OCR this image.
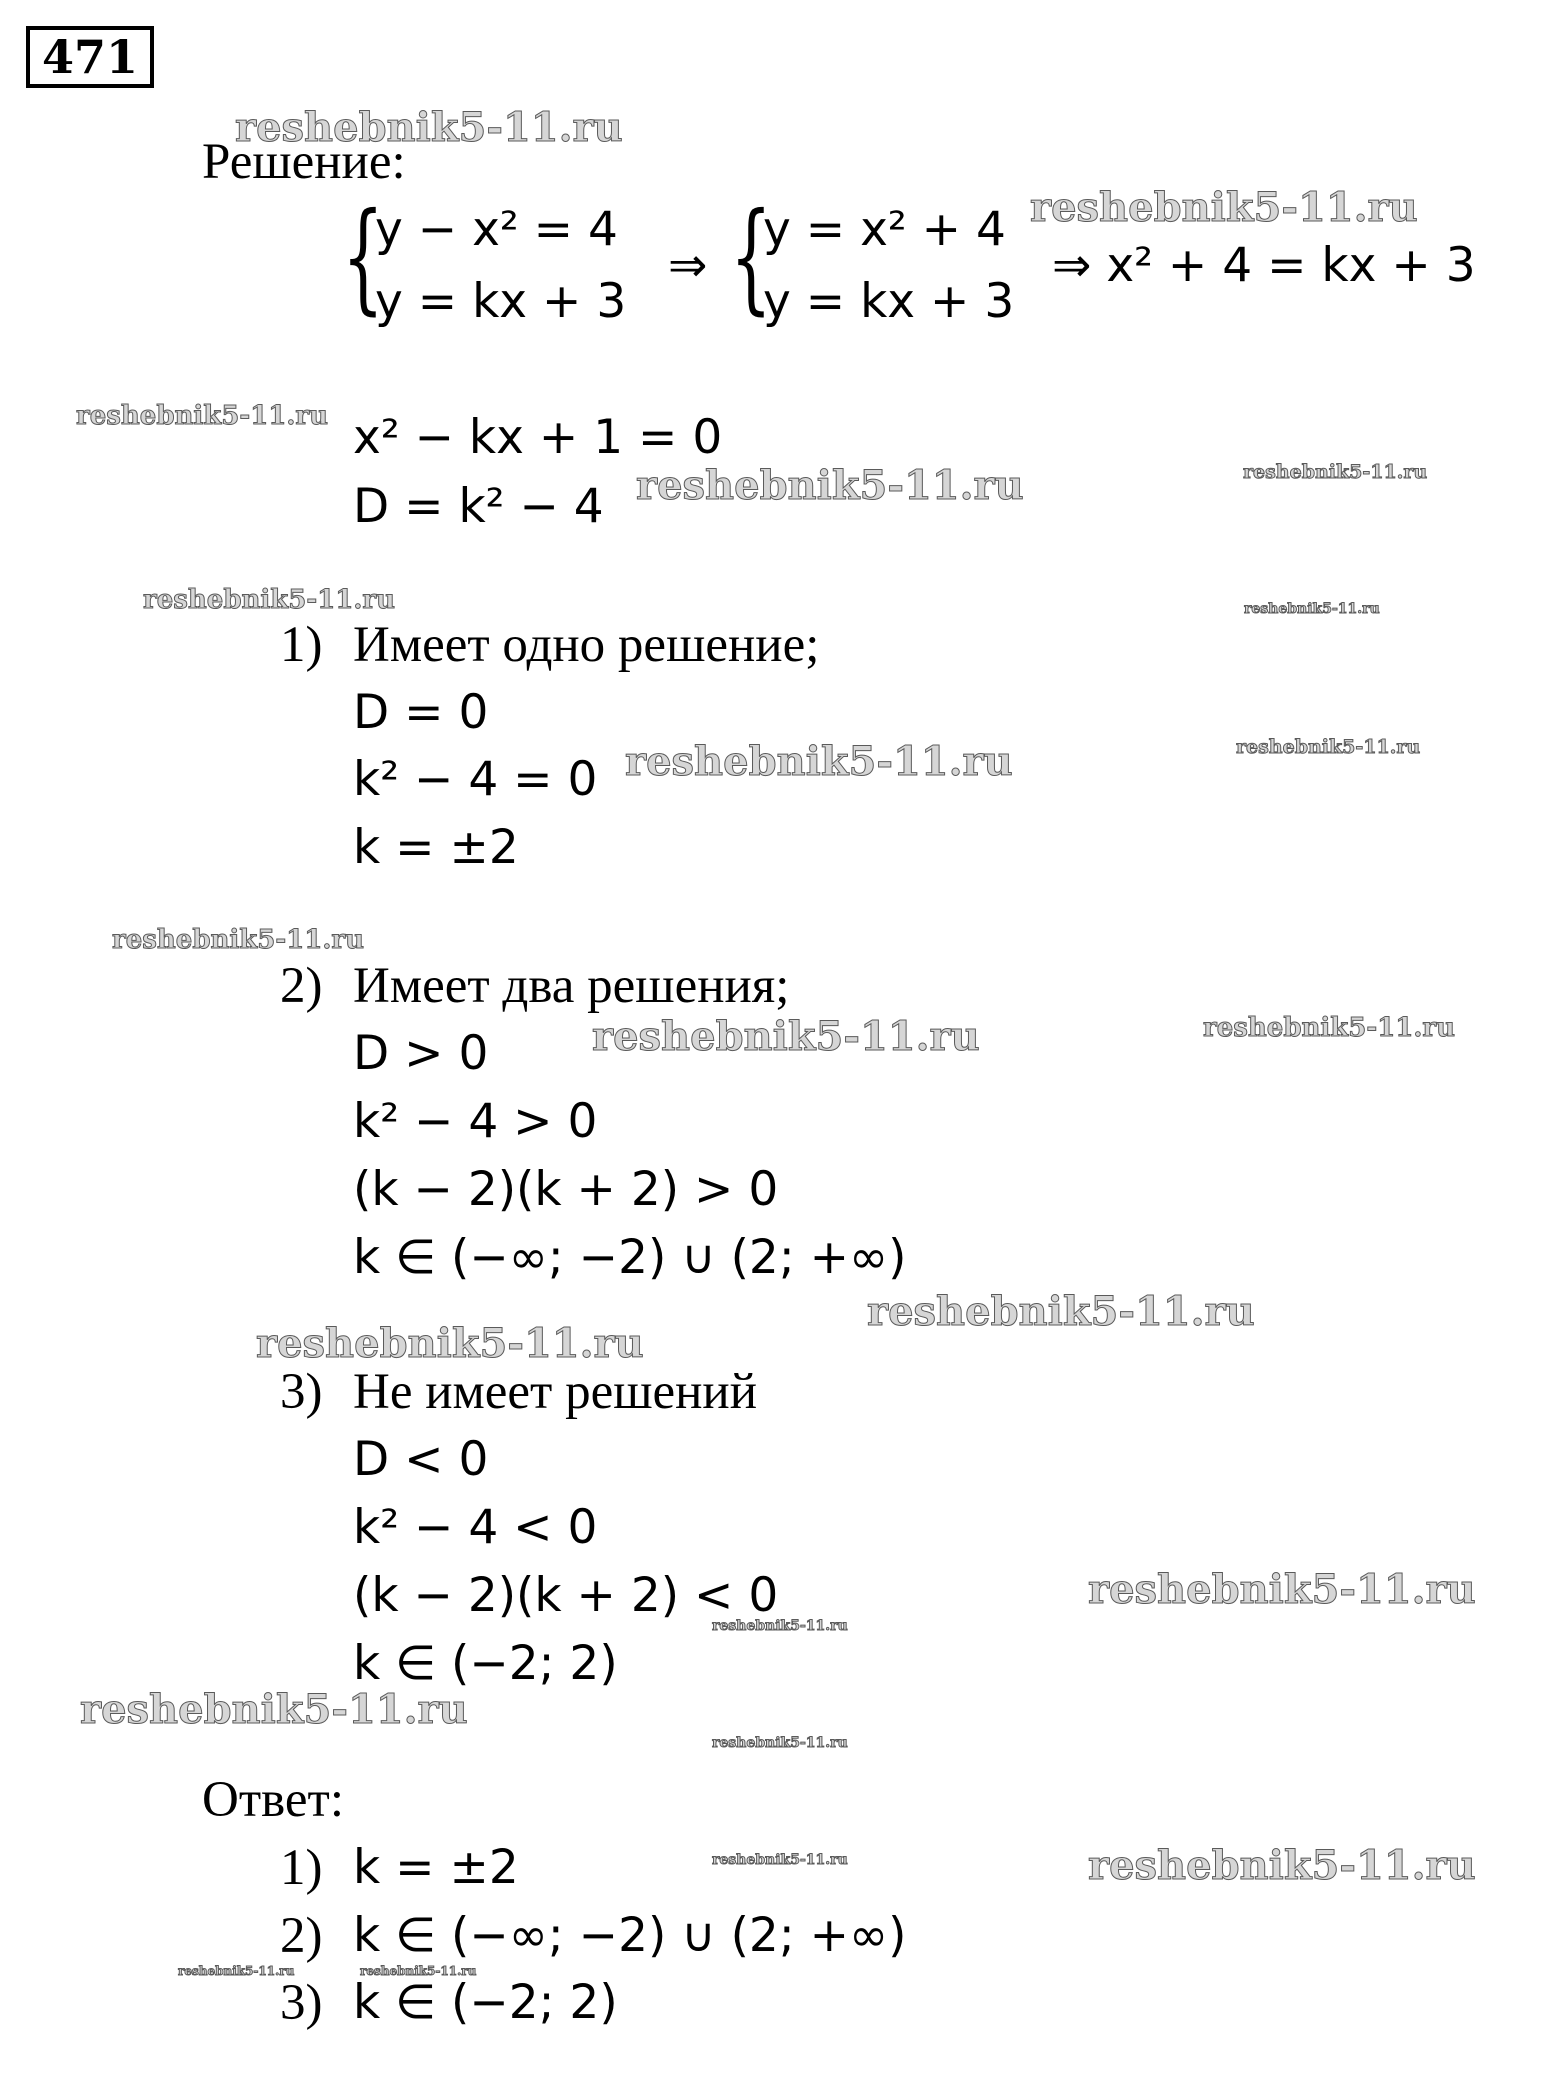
471
Решение:
{
y − x² = 4
y = kx + 3
⇒ {
y = x² + 4
y = kx + 3
⇒ x² + 4 = kx + 3
x² − kx + 1 = 0
D = k² − 4
1) Имеет одно решение;
D = 0
k² − 4 = 0
k = ±2
2) Имеет два решения;
D > 0
k² − 4 > 0
(k − 2)(k + 2) > 0
k ∈ (−∞; −2) ∪ (2; +∞)
3) Не имеет решений
D < 0
k² − 4 < 0
(k − 2)(k + 2) < 0
k ∈ (−2; 2)
Ответ:
1) k = ±2
2) k ∈ (−∞; −2) ∪ (2; +∞)
3) k ∈ (−2; 2)
reshebnik5-11.ru
reshebnik5-11.ru
reshebnik5-11.ru
reshebnik5-11.ru	reshebnik5-11.ru
reshebnik5-11.ru	reshebnik5-11.ru
reshebnik5-11.ru	reshebnik5-11.ru
reshebnik5-11.ru
reshebnik5-11.ru	reshebnik5-11.ru
reshebnik5-11.ru
reshebnik5-11.ru
reshebnik5-11.ru
reshebnik5-11.ru
reshebnik5-11.ru
reshebnik5-11.ru
reshebnik5-11.ru	reshebnik5-11.ru
reshebnik5-11.ru	reshebnik5-11.ru
